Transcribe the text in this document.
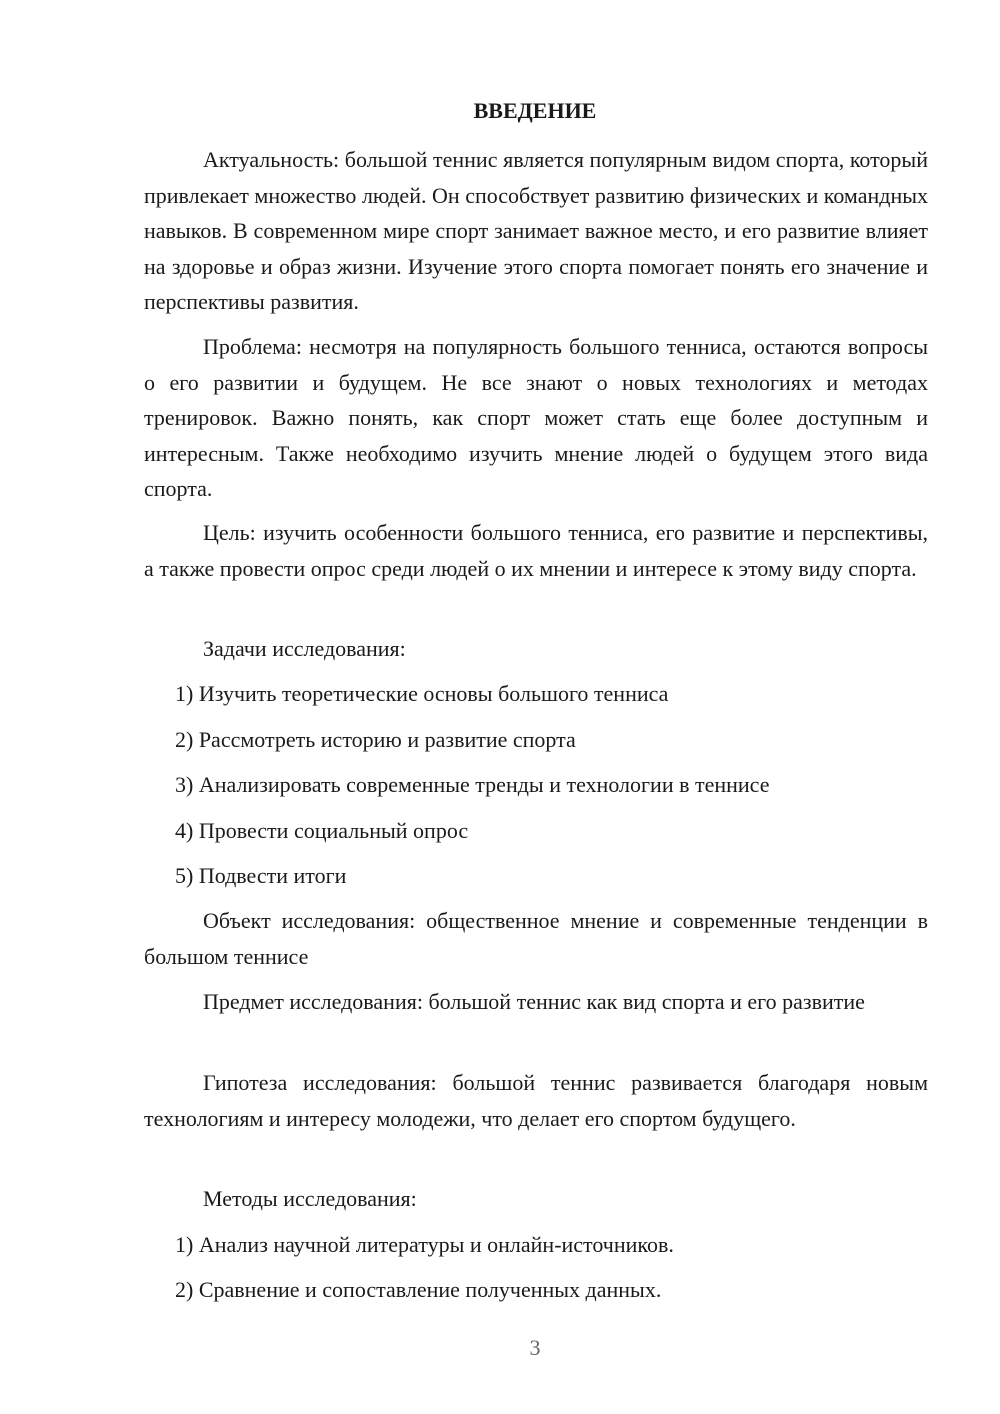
ВВЕДЕНИЕ

Актуальность: большой теннис является популярным видом спорта, который привлекает множество людей. Он способствует развитию физических и командных навыков. В современном мире спорт занимает важное место, и его развитие влияет на здоровье и образ жизни. Изучение этого спорта помогает понять его значение и перспективы развития.

Проблема: несмотря на популярность большого тенниса, остаются вопросы о его развитии и будущем. Не все знают о новых технологиях и методах тренировок. Важно понять, как спорт может стать еще более доступным и интересным. Также необходимо изучить мнение людей о будущем этого вида спорта.

Цель: изучить особенности большого тенниса, его развитие и перспективы, а также провести опрос среди людей о их мнении и интересе к этому виду спорта.

Задачи исследования:

1) Изучить теоретические основы большого тенниса
2) Рассмотреть историю и развитие спорта
3) Анализировать современные тренды и технологии в теннисе
4) Провести социальный опрос
5) Подвести итоги

Объект исследования: общественное мнение и современные тенденции в большом теннисе

Предмет исследования: большой теннис как вид спорта и его развитие

Гипотеза исследования: большой теннис развивается благодаря новым технологиям и интересу молодежи, что делает его спортом будущего.

Методы исследования:

1) Анализ научной литературы и онлайн-источников.
2) Сравнение и сопоставление полученных данных.
3
